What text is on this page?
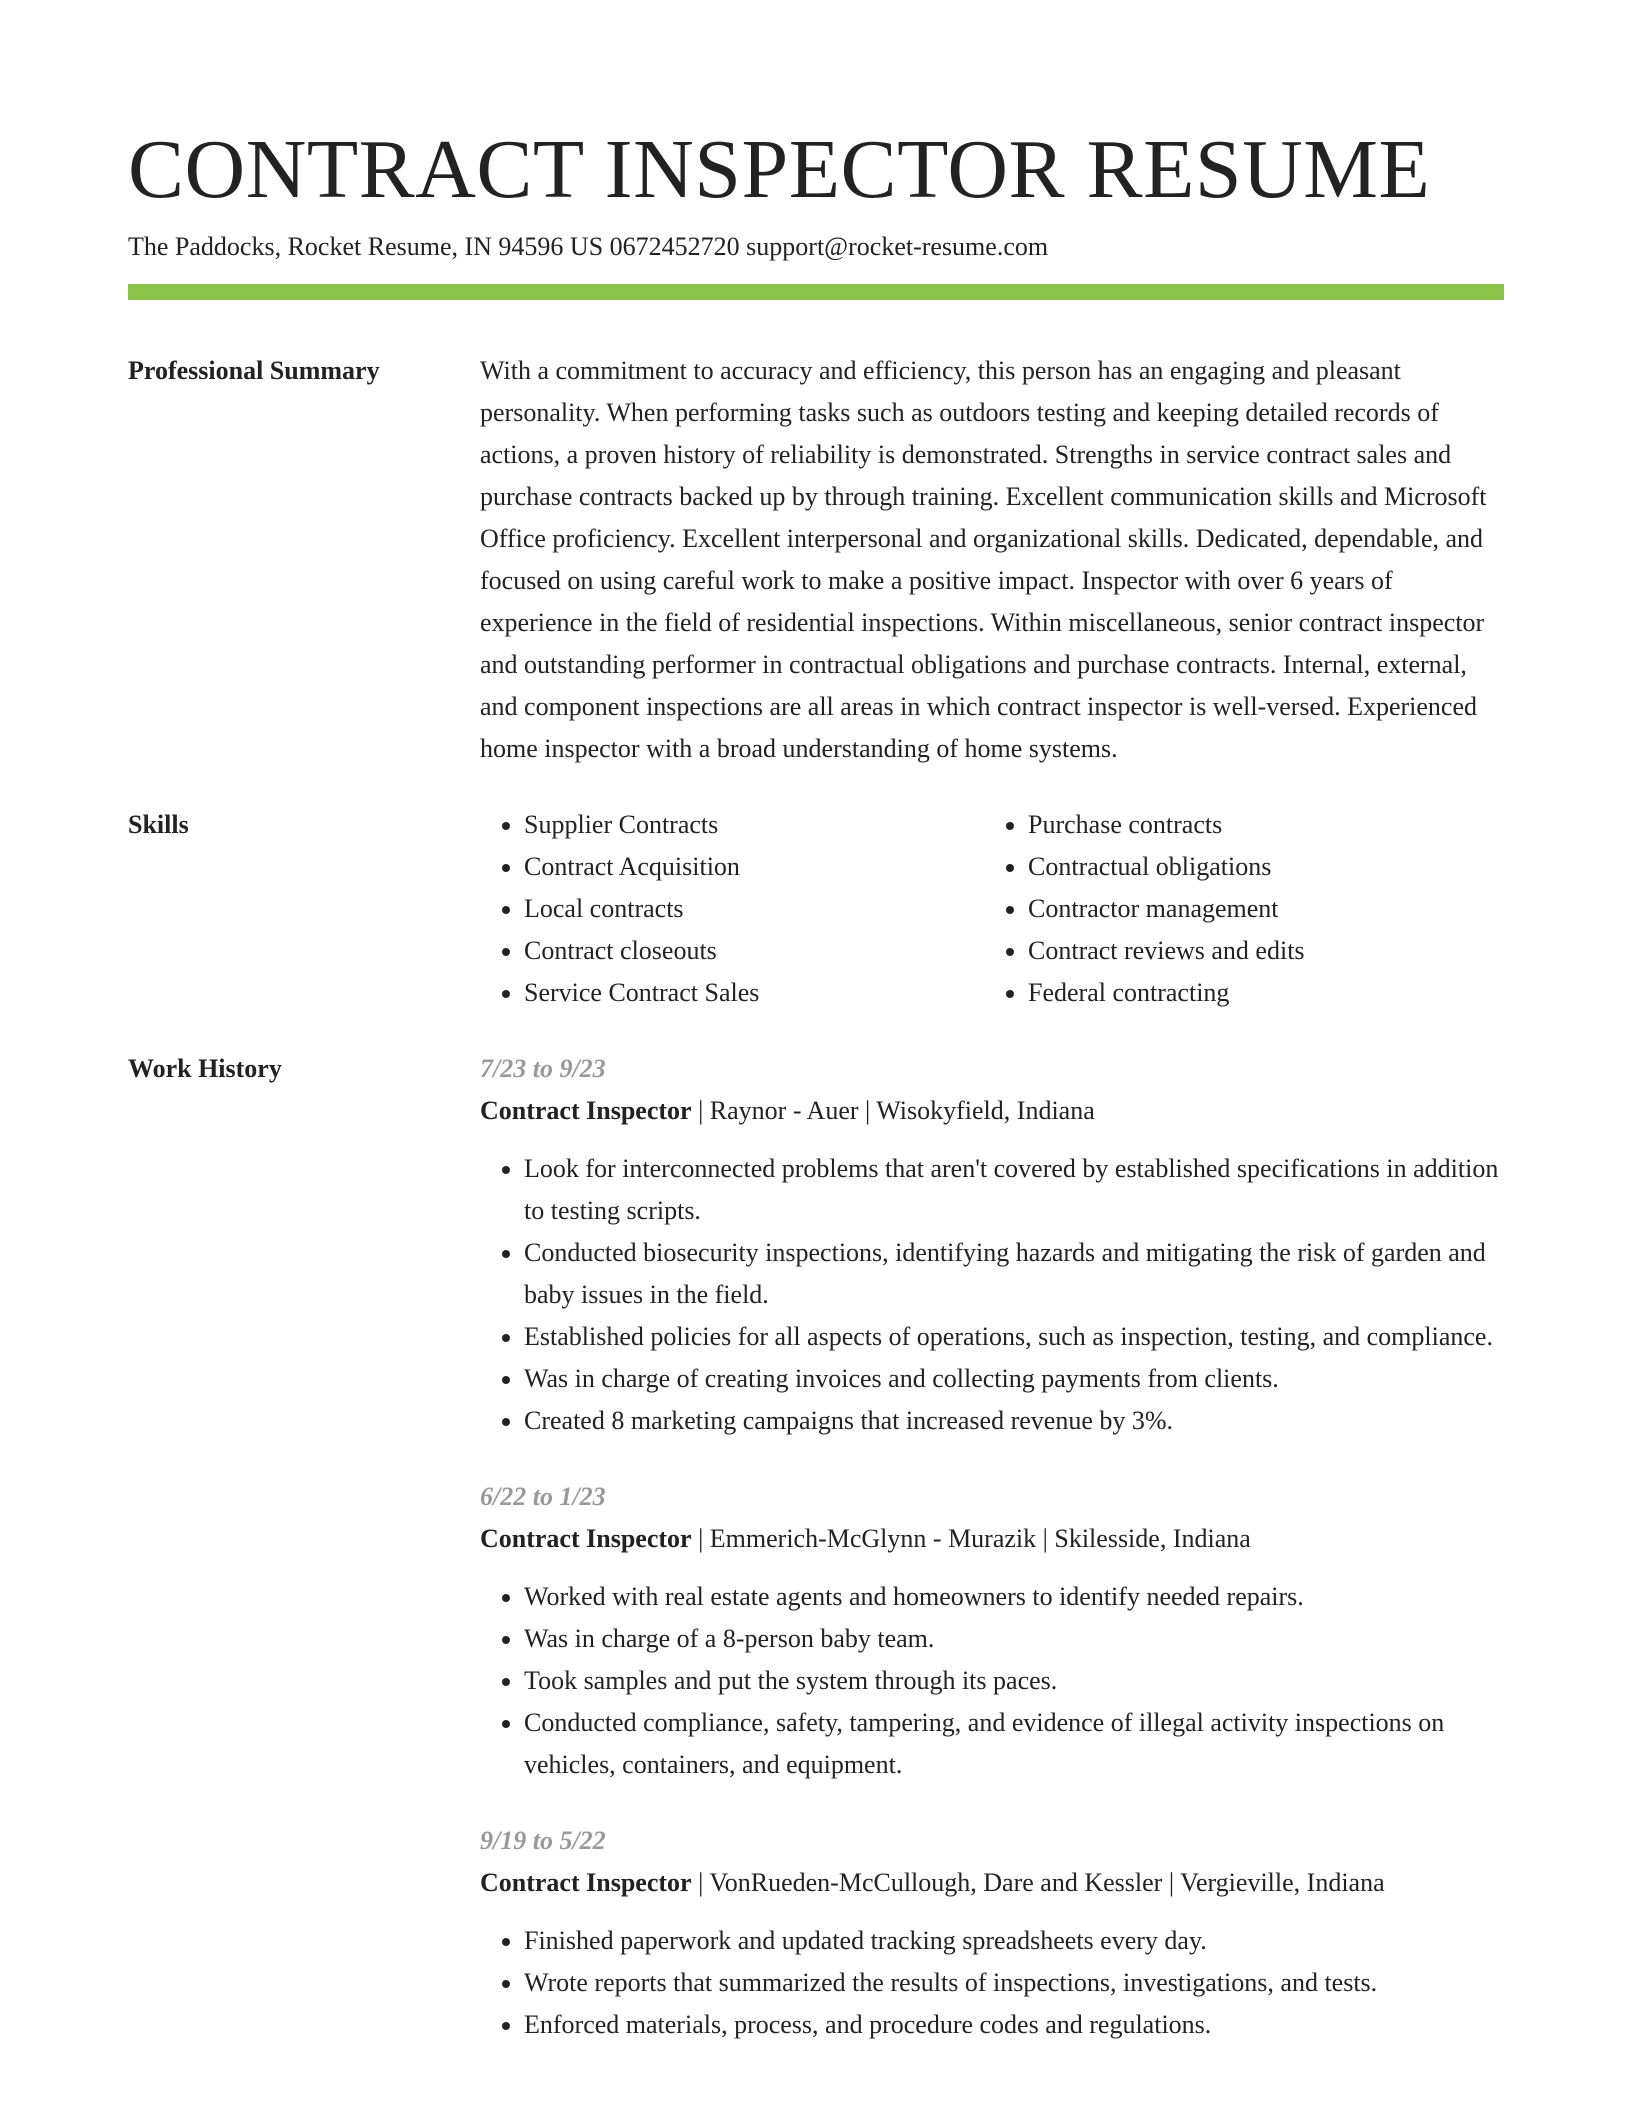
CONTRACT INSPECTOR RESUME
The Paddocks, Rocket Resume, IN 94596 US 0672452720 support@rocket-resume.com
Professional Summary	With a commitment to accuracy and efficiency, this person has an engaging and pleasant personality. When performing tasks such as outdoors testing and keeping detailed records of actions, a proven history of reliability is demonstrated. Strengths in service contract sales and purchase contracts backed up by through training. Excellent communication skills and Microsoft Office proficiency. Excellent interpersonal and organizational skills. Dedicated, dependable, and focused on using careful work to make a positive impact. Inspector with over 6 years of experience in the field of residential inspections. Within miscellaneous, senior contract inspector and outstanding performer in contractual obligations and purchase contracts. Internal, external, and component inspections are all areas in which contract inspector is well-versed. Experienced home inspector with a broad understanding of home systems.

Skills
•	Supplier Contracts
• Contract Acquisition
• Local contracts
• Contract closeouts
• Service Contract Sales
• Purchase contracts
• Contractual obligations
• Contractor management
• Contract reviews and edits
• Federal contracting
Work History	7/23 to 9/23
Contract Inspector | Raynor - Auer | Wisokyfield, Indiana
• Look for interconnected problems that aren't covered by established specifications in addition to testing scripts.
• Conducted biosecurity inspections, identifying hazards and mitigating the risk of garden and baby issues in the field.
• Established policies for all aspects of operations, such as inspection, testing, and compliance.
• Was in charge of creating invoices and collecting payments from clients.
• Created 8 marketing campaigns that increased revenue by 3%.
6/22 to 1/23
Contract Inspector | Emmerich-McGlynn - Murazik | Skilesside, Indiana
• Worked with real estate agents and homeowners to identify needed repairs.
• Was in charge of a 8-person baby team.
• Took samples and put the system through its paces.
• Conducted compliance, safety, tampering, and evidence of illegal activity inspections on vehicles, containers, and equipment.
9/19 to 5/22
Contract Inspector | VonRueden-McCullough, Dare and Kessler | Vergieville, Indiana
• Finished paperwork and updated tracking spreadsheets every day.
• Wrote reports that summarized the results of inspections, investigations, and tests.
• Enforced materials, process, and procedure codes and regulations.
